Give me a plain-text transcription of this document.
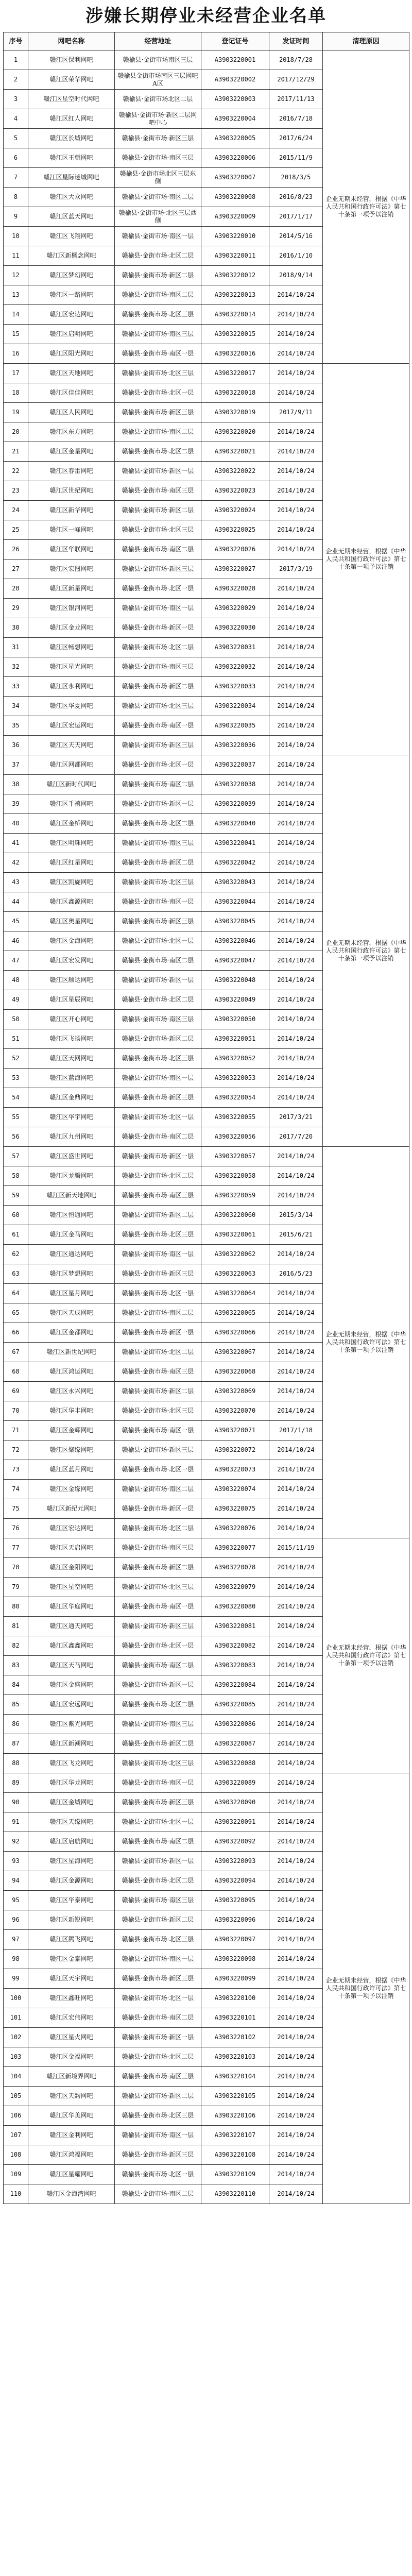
涉嫌长期停业未经营企业名单
序号	网吧名称	经营地址	登记证号	发证时间	清理原因
1	赣江区保利网吧	赣榆县·金街市场南区三层	A3903220001	2018/7/28	企业无期未经营，根据《中华人民共和国行政许可法》第七十条第一项予以注销
2	赣江区荣华网吧	赣榆县金街市场南区三层网吧A区	A3903220002	2017/12/29	
3	赣江区星空时代网吧	赣榆县·金街市场北区二层	A3903220003	2017/11/13	
4	赣江区红人网吧	赣榆县·金街市场·新区二层网吧中心	A3903220004	2016/7/18	
5	赣江区长城网吧	赣榆县·金街市场·新区三层	A3903220005	2017/6/24	
6	赣江区王朝网吧	赣榆县·金街市场·南区三层	A3903220006	2015/11/9	
7	赣江区星际迷城网吧	赣榆县·金街市场北区三层东侧	A3903220007	2018/3/5	
8	赣江区大众网吧	赣榆县·金街市场·南区二层	A3903220008	2016/8/23	
9	赣江区蓝天网吧	赣榆县·金街市场·北区三层西侧	A3903220009	2017/1/17	
10	赣江区飞翔网吧	赣榆县·金街市场·南区一层	A3903220010	2014/5/16	
11	赣江区新概念网吧	赣榆县·金街市场·北区二层	A3903220011	2016/1/10	
12	赣江区梦幻网吧	赣榆县·金街市场·新区二层	A3903220012	2018/9/14	
13	赣江区一路网吧	赣榆县·金街市场·南区二层	A3903220013	2014/10/24	
14	赣江区宏达网吧	赣榆县·金街市场·北区三层	A3903220014	2014/10/24	
15	赣江区启明网吧	赣榆县·金街市场·南区三层	A3903220015	2014/10/24	
16	赣江区阳光网吧	赣榆县·金街市场·南区一层	A3903220016	2014/10/24	
17	赣江区天地网吧	赣榆县·金街市场·北区三层	A3903220017	2014/10/24	企业无期未经营，根据《中华人民共和国行政许可法》第七十条第一项予以注销
18	赣江区佳佳网吧	赣榆县·金街市场·北区一层	A3903220018	2014/10/24	
19	赣江区人民网吧	赣榆县·金街市场·新区三层	A3903220019	2017/9/11	
20	赣江区东方网吧	赣榆县·金街市场·南区二层	A3903220020	2014/10/24	
21	赣江区金星网吧	赣榆县·金街市场·北区二层	A3903220021	2014/10/24	
22	赣江区春雷网吧	赣榆县·金街市场·新区一层	A3903220022	2014/10/24	
23	赣江区世纪网吧	赣榆县·金街市场·南区三层	A3903220023	2014/10/24	
24	赣江区新华网吧	赣榆县·金街市场·新区二层	A3903220024	2014/10/24	
25	赣江区一峰网吧	赣榆县·金街市场·北区三层	A3903220025	2014/10/24	
26	赣江区华联网吧	赣榆县·金街市场·南区二层	A3903220026	2014/10/24	
27	赣江区宏图网吧	赣榆县·金街市场·新区三层	A3903220027	2017/3/19	
28	赣江区新星网吧	赣榆县·金街市场·北区一层	A3903220028	2014/10/24	
29	赣江区银河网吧	赣榆县·金街市场·南区一层	A3903220029	2014/10/24	
30	赣江区金龙网吧	赣榆县·金街市场·新区一层	A3903220030	2014/10/24	
31	赣江区畅想网吧	赣榆县·金街市场·北区二层	A3903220031	2014/10/24	
32	赣江区星光网吧	赣榆县·金街市场·南区三层	A3903220032	2014/10/24	
33	赣江区永利网吧	赣榆县·金街市场·新区二层	A3903220033	2014/10/24	
34	赣江区华夏网吧	赣榆县·金街市场·北区三层	A3903220034	2014/10/24	
35	赣江区宏运网吧	赣榆县·金街市场·南区一层	A3903220035	2014/10/24	
36	赣江区天天网吧	赣榆县·金街市场·新区三层	A3903220036	2014/10/24	
37	赣江区网都网吧	赣榆县·金街市场·北区一层	A3903220037	2014/10/24	企业无期未经营，根据《中华人民共和国行政许可法》第七十条第一项予以注销
38	赣江区新时代网吧	赣榆县·金街市场·南区二层	A3903220038	2014/10/24	
39	赣江区千禧网吧	赣榆县·金街市场·新区一层	A3903220039	2014/10/24	
40	赣江区金桥网吧	赣榆县·金街市场·北区二层	A3903220040	2014/10/24	
41	赣江区明珠网吧	赣榆县·金街市场·南区三层	A3903220041	2014/10/24	
42	赣江区红星网吧	赣榆县·金街市场·新区二层	A3903220042	2014/10/24	
43	赣江区凯旋网吧	赣榆县·金街市场·北区三层	A3903220043	2014/10/24	
44	赣江区鑫源网吧	赣榆县·金街市场·南区一层	A3903220044	2014/10/24	
45	赣江区奥星网吧	赣榆县·金街市场·新区三层	A3903220045	2014/10/24	
46	赣江区金海网吧	赣榆县·金街市场·北区一层	A3903220046	2014/10/24	
47	赣江区宏发网吧	赣榆县·金街市场·南区二层	A3903220047	2014/10/24	
48	赣江区顺达网吧	赣榆县·金街市场·新区一层	A3903220048	2014/10/24	
49	赣江区星辰网吧	赣榆县·金街市场·北区二层	A3903220049	2014/10/24	
50	赣江区开心网吧	赣榆县·金街市场·南区三层	A3903220050	2014/10/24	
51	赣江区飞扬网吧	赣榆县·金街市场·新区二层	A3903220051	2014/10/24	
52	赣江区天网网吧	赣榆县·金街市场·北区三层	A3903220052	2014/10/24	
53	赣江区蓝海网吧	赣榆县·金街市场·南区一层	A3903220053	2014/10/24	
54	赣江区金鼎网吧	赣榆县·金街市场·新区三层	A3903220054	2014/10/24	
55	赣江区华宇网吧	赣榆县·金街市场·北区一层	A3903220055	2017/3/21	
56	赣江区九州网吧	赣榆县·金街市场·南区二层	A3903220056	2017/7/20	
57	赣江区盛世网吧	赣榆县·金街市场·新区一层	A3903220057	2014/10/24	企业无期未经营，根据《中华人民共和国行政许可法》第七十条第一项予以注销
58	赣江区龙腾网吧	赣榆县·金街市场·北区二层	A3903220058	2014/10/24	
59	赣江区新天地网吧	赣榆县·金街市场·南区三层	A3903220059	2014/10/24	
60	赣江区恒通网吧	赣榆县·金街市场·新区二层	A3903220060	2015/3/14	
61	赣江区金马网吧	赣榆县·金街市场·北区三层	A3903220061	2015/6/21	
62	赣江区通达网吧	赣榆县·金街市场·南区一层	A3903220062	2014/10/24	
63	赣江区梦想网吧	赣榆县·金街市场·新区三层	A3903220063	2016/5/23	
64	赣江区星月网吧	赣榆县·金街市场·北区一层	A3903220064	2014/10/24	
65	赣江区天成网吧	赣榆县·金街市场·南区二层	A3903220065	2014/10/24	
66	赣江区金都网吧	赣榆县·金街市场·新区一层	A3903220066	2014/10/24	
67	赣江区新世纪网吧	赣榆县·金街市场·北区二层	A3903220067	2014/10/24	
68	赣江区鸿运网吧	赣榆县·金街市场·南区三层	A3903220068	2014/10/24	
69	赣江区永兴网吧	赣榆县·金街市场·新区二层	A3903220069	2014/10/24	
70	赣江区华丰网吧	赣榆县·金街市场·北区三层	A3903220070	2014/10/24	
71	赣江区金辉网吧	赣榆县·金街市场·南区一层	A3903220071	2017/1/18	
72	赣江区聚缘网吧	赣榆县·金街市场·新区三层	A3903220072	2014/10/24	
73	赣江区蓝月网吧	赣榆县·金街市场·北区一层	A3903220073	2014/10/24	
74	赣江区金缘网吧	赣榆县·金街市场·南区二层	A3903220074	2014/10/24	
75	赣江区新纪元网吧	赣榆县·金街市场·新区一层	A3903220075	2014/10/24	
76	赣江区宏达网吧	赣榆县·金街市场·北区二层	A3903220076	2014/10/24	
77	赣江区天启网吧	赣榆县·金街市场·南区三层	A3903220077	2015/11/19	企业无期未经营，根据《中华人民共和国行政许可法》第七十条第一项予以注销
78	赣江区金阳网吧	赣榆县·金街市场·新区二层	A3903220078	2014/10/24	
79	赣江区星空网吧	赣榆县·金街市场·北区三层	A3903220079	2014/10/24	
80	赣江区华庭网吧	赣榆县·金街市场·南区一层	A3903220080	2014/10/24	
81	赣江区通天网吧	赣榆县·金街市场·新区三层	A3903220081	2014/10/24	
82	赣江区鑫鑫网吧	赣榆县·金街市场·北区一层	A3903220082	2014/10/24	
83	赣江区天马网吧	赣榆县·金街市场·南区二层	A3903220083	2014/10/24	
84	赣江区金盛网吧	赣榆县·金街市场·新区一层	A3903220084	2014/10/24	
85	赣江区宏远网吧	赣榆县·金街市场·北区二层	A3903220085	2014/10/24	
86	赣江区紫光网吧	赣榆县·金街市场·南区三层	A3903220086	2014/10/24	
87	赣江区新潮网吧	赣榆县·金街市场·新区二层	A3903220087	2014/10/24	
88	赣江区飞龙网吧	赣榆县·金街市场·北区三层	A3903220088	2014/10/24	
89	赣江区华龙网吧	赣榆县·金街市场·南区一层	A3903220089	2014/10/24	企业无期未经营，根据《中华人民共和国行政许可法》第七十条第一项予以注销
90	赣江区金城网吧	赣榆县·金街市场·新区三层	A3903220090	2014/10/24	
91	赣江区天缘网吧	赣榆县·金街市场·北区一层	A3903220091	2014/10/24	
92	赣江区启航网吧	赣榆县·金街市场·南区二层	A3903220092	2014/10/24	
93	赣江区星海网吧	赣榆县·金街市场·新区一层	A3903220093	2014/10/24	
94	赣江区金源网吧	赣榆县·金街市场·北区二层	A3903220094	2014/10/24	
95	赣江区华泰网吧	赣榆县·金街市场·南区三层	A3903220095	2014/10/24	
96	赣江区新锐网吧	赣榆县·金街市场·新区二层	A3903220096	2014/10/24	
97	赣江区腾飞网吧	赣榆县·金街市场·北区三层	A3903220097	2014/10/24	
98	赣江区金泰网吧	赣榆县·金街市场·南区一层	A3903220098	2014/10/24	
99	赣江区天宇网吧	赣榆县·金街市场·新区三层	A3903220099	2014/10/24	
100	赣江区鑫旺网吧	赣榆县·金街市场·北区一层	A3903220100	2014/10/24	
101	赣江区宏伟网吧	赣榆县·金街市场·南区二层	A3903220101	2014/10/24	
102	赣江区星火网吧	赣榆县·金街市场·新区一层	A3903220102	2014/10/24	
103	赣江区金福网吧	赣榆县·金街市场·北区二层	A3903220103	2014/10/24	
104	赣江区新境界网吧	赣榆县·金街市场·南区三层	A3903220104	2014/10/24	
105	赣江区天韵网吧	赣榆县·金街市场·新区二层	A3903220105	2014/10/24	
106	赣江区华美网吧	赣榆县·金街市场·北区三层	A3903220106	2014/10/24	
107	赣江区金利网吧	赣榆县·金街市场·南区一层	A3903220107	2014/10/24	
108	赣江区鸿福网吧	赣榆县·金街市场·新区三层	A3903220108	2014/10/24	
109	赣江区星耀网吧	赣榆县·金街市场·北区一层	A3903220109	2014/10/24	
110	赣江区金海湾网吧	赣榆县·金街市场·南区二层	A3903220110	2014/10/24	
